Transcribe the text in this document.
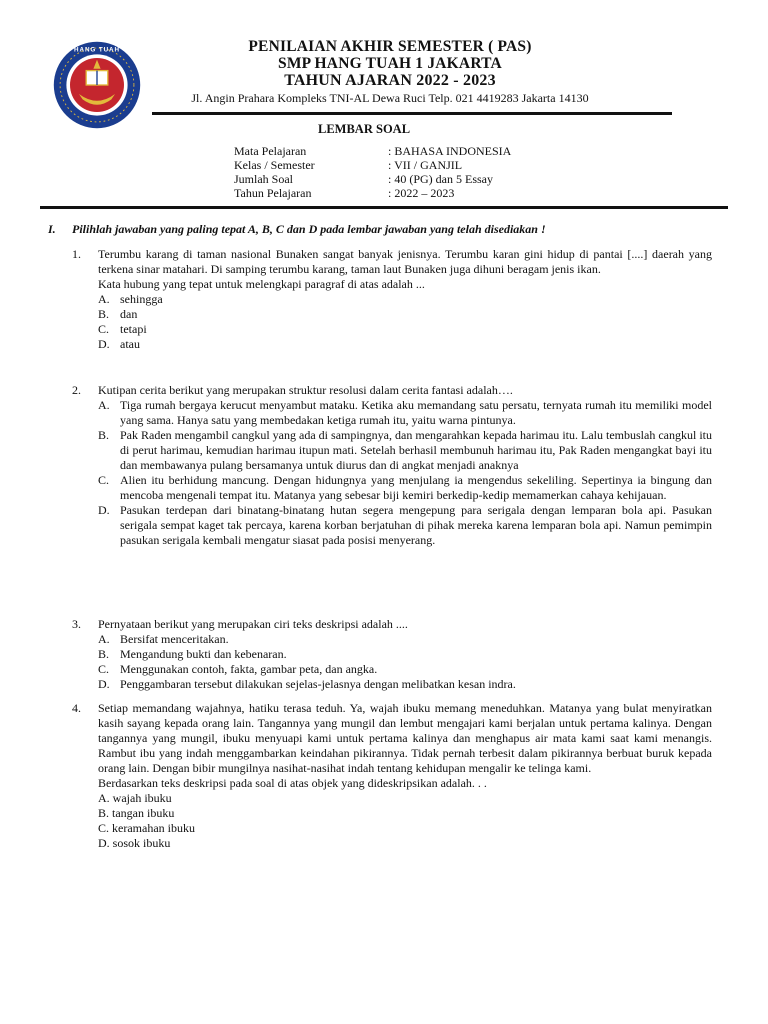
HANG TUAH	PENILAIAN AKHIR SEMESTER ( PAS)
SMP HANG TUAH 1 JAKARTA
TAHUN AJARAN 2022 - 2023
Jl. Angin Prahara Kompleks TNI-AL Dewa Ruci Telp. 021 4419283 Jakarta 14130
LEMBAR SOAL
Mata Pelajaran	: BAHASA INDONESIA
Kelas / Semester	: VII / GANJIL
Jumlah Soal	: 40 (PG) dan 5 Essay
Tahun Pelajaran	: 2022 – 2023
I. Pilihlah jawaban yang paling tepat A, B, C dan D pada lembar jawaban yang telah disediakan !
1. Terumbu karang di taman nasional Bunaken sangat banyak jenisnya. Terumbu karan gini hidup di pantai [....] daerah yang terkena sinar matahari. Di samping terumbu karang, taman laut Bunaken juga dihuni beragam jenis ikan.

Kata hubung yang tepat untuk melengkapi paragraf di atas adalah ...

A. sehingga
B. dan
C. tetapi
D. atau
2. Kutipan cerita berikut yang merupakan struktur resolusi dalam cerita fantasi adalah….

A. Tiga rumah bergaya kerucut menyambut mataku. Ketika aku memandang satu persatu, ternyata rumah itu memiliki model yang sama. Hanya satu yang membedakan ketiga rumah itu, yaitu warna pintunya.
B. Pak Raden mengambil cangkul yang ada di sampingnya, dan mengarahkan kepada harimau itu. Lalu tembuslah cangkul itu di perut harimau, kemudian harimau itupun mati. Setelah berhasil membunuh harimau itu, Pak Raden mengangkat bayi itu dan membawanya pulang bersamanya untuk diurus dan di angkat menjadi anaknya
C. Alien itu berhidung mancung. Dengan hidungnya yang menjulang ia mengendus sekeliling. Sepertinya ia bingung dan mencoba mengenali tempat itu. Matanya yang sebesar biji kemiri berkedip-kedip memamerkan cahaya kehijauan.
D. Pasukan terdepan dari binatang-binatang hutan segera mengepung para serigala dengan lemparan bola api. Pasukan serigala sempat kaget tak percaya, karena korban berjatuhan di pihak mereka karena lemparan bola api. Namun pemimpin pasukan serigala kembali mengatur siasat pada posisi menyerang.
3. Pernyataan berikut yang merupakan ciri teks deskripsi adalah ....

A. Bersifat menceritakan.
B. Mengandung bukti dan kebenaran.
C. Menggunakan contoh, fakta, gambar peta, dan angka.
D. Penggambaran tersebut dilakukan sejelas-jelasnya dengan melibatkan kesan indra.
4. Setiap memandang wajahnya, hatiku terasa teduh. Ya, wajah ibuku memang meneduhkan. Matanya yang bulat menyiratkan kasih sayang kepada orang lain. Tangannya yang mungil dan lembut mengajari kami berjalan untuk pertama kalinya. Dengan tangannya yang mungil, ibuku menyuapi kami untuk pertama kalinya dan menghapus air mata kami saat kami menangis. Rambut ibu yang indah menggambarkan keindahan pikirannya. Tidak pernah terbesit dalam pikirannya berbuat buruk kepada orang lain. Dengan bibir mungilnya nasihat-nasihat indah tentang kehidupan mengalir ke telinga kami.

Berdasarkan teks deskripsi pada soal di atas objek yang dideskripsikan adalah. . .

A. wajah ibuku
B. tangan ibuku
C. keramahan ibuku
D. sosok ibuku
